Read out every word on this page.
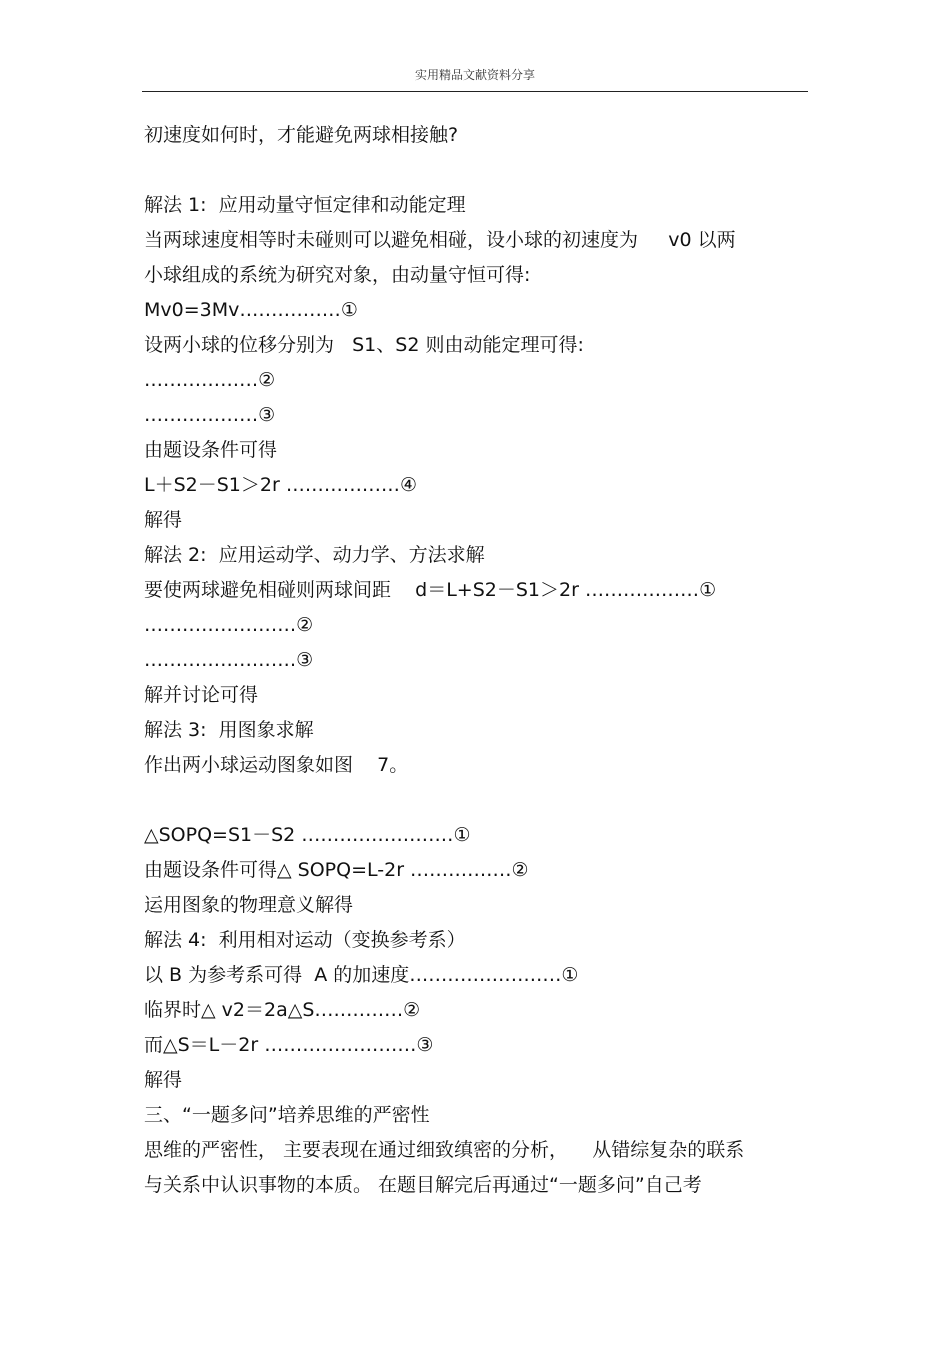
实用精品文献资料分享
初速度如何时，才能避免两球相接触?
解法 1:  应用动量守恒定律和动能定理
当两球速度相等时未碰则可以避免相碰，设小球的初速度为     v0 以两
小球组成的系统为研究对象，由动量守恒可得:
Mv0=3Mv‥‥‥‥‥‥‥‥①
设两小球的位移分别为   S1、S2 则由动能定理可得:
‥‥‥‥‥‥‥‥‥②
‥‥‥‥‥‥‥‥‥③
由题设条件可得
L＋S2－S1＞2r ‥‥‥‥‥‥‥‥‥④
解得
解法 2:  应用运动学、动力学、方法求解
要使两球避免相碰则两球间距    d＝L+S2－S1＞2r ‥‥‥‥‥‥‥‥‥①
‥‥‥‥‥‥‥‥‥‥‥‥②
‥‥‥‥‥‥‥‥‥‥‥‥③
解并讨论可得
解法 3:  用图象求解
作出两小球运动图象如图    7。
△SOPQ=S1－S2 ‥‥‥‥‥‥‥‥‥‥‥‥①
由题设条件可得△ SOPQ=L-2r ‥‥‥‥‥‥‥‥②
运用图象的物理意义解得
解法 4:  利用相对运动（变换参考系）
以 B 为参考系可得  A 的加速度‥‥‥‥‥‥‥‥‥‥‥‥①
临界时△ v2＝2a△S‥‥‥‥‥‥‥②
而△S＝L－2r ‥‥‥‥‥‥‥‥‥‥‥‥③
解得
三、“一题多问”培养思维的严密性
思维的严密性， 主要表现在通过细致缜密的分析，    从错综复杂的联系
与关系中认识事物的本质。 在题目解完后再通过“一题多问”自己考
